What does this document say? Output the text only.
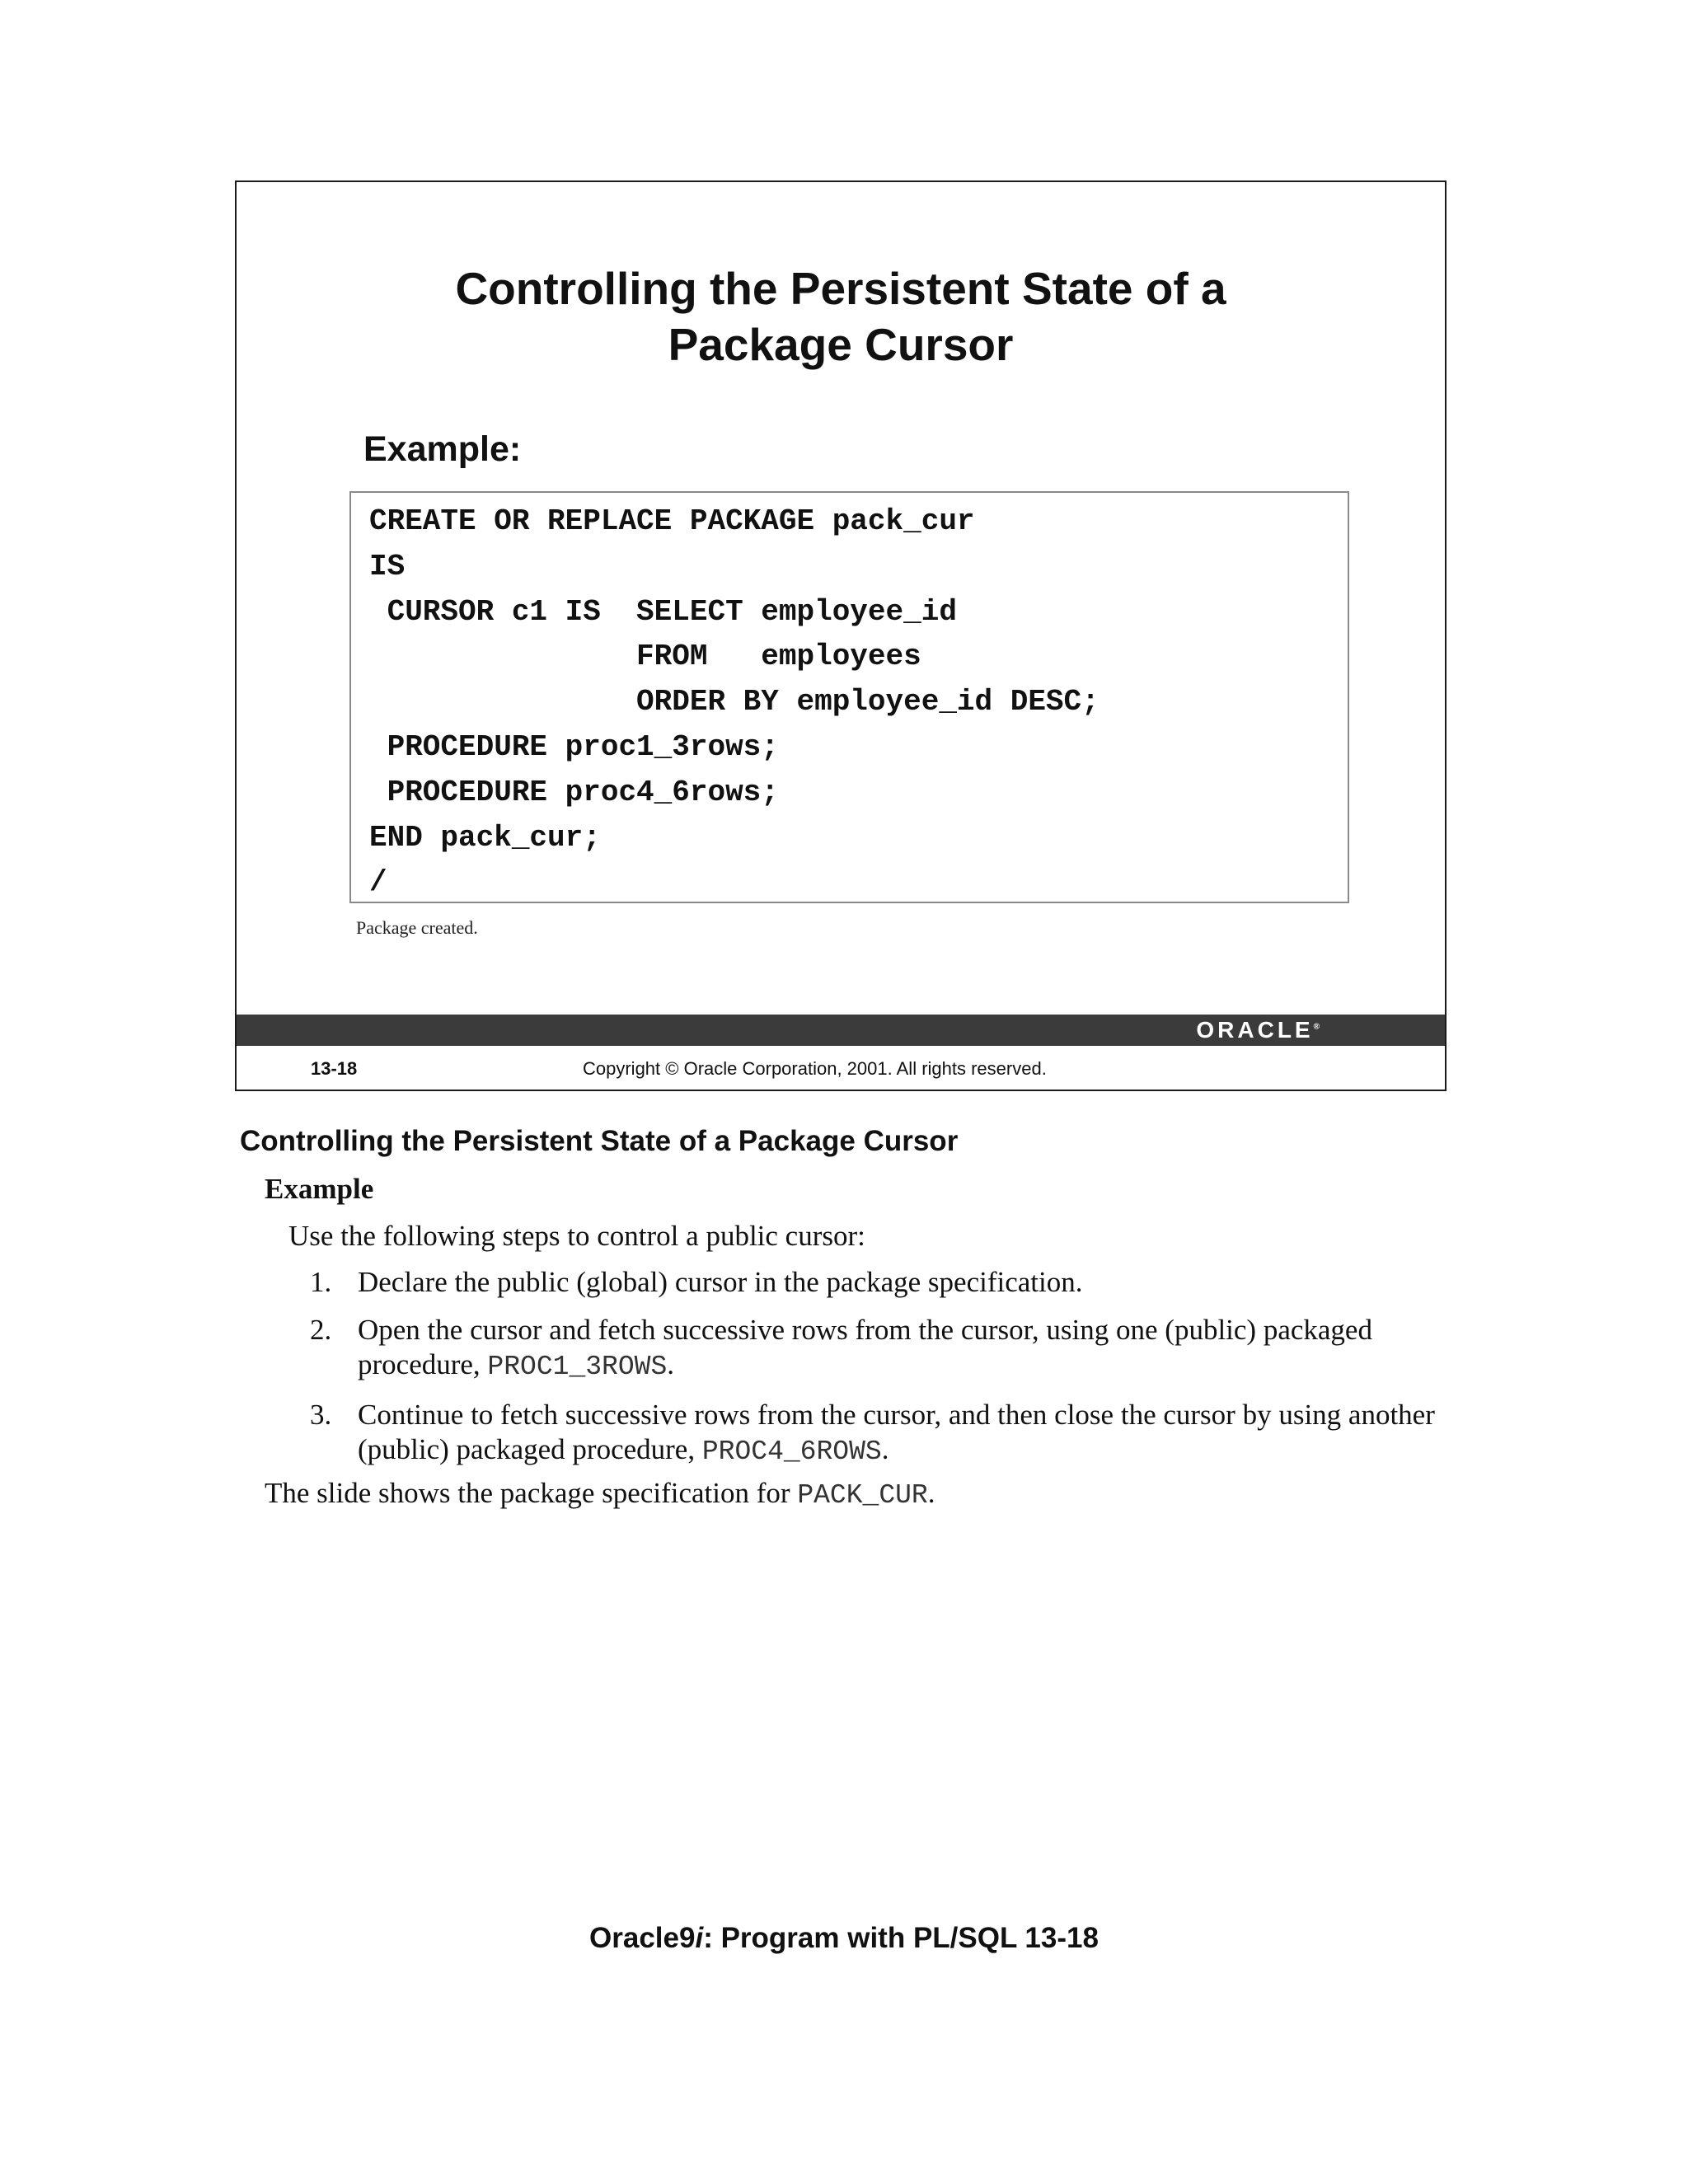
Controlling the Persistent State of a
Package Cursor
Example:
CREATE OR REPLACE PACKAGE pack_cur
IS
CURSOR c1 IS  SELECT employee_id
FROM   employees
ORDER BY employee_id DESC;
PROCEDURE proc1_3rows;
PROCEDURE proc4_6rows;
END pack_cur;
/
Package created.
ORACLE®
13-18	Copyright © Oracle Corporation, 2001. All rights reserved.
Controlling the Persistent State of a Package Cursor
Example
Use the following steps to control a public cursor:
1. Declare the public (global) cursor in the package specification.
2. Open the cursor and fetch successive rows from the cursor, using one (public) packaged procedure, PROC1_3ROWS.
3. Continue to fetch successive rows from the cursor, and then close the cursor by using another (public) packaged procedure, PROC4_6ROWS.
The slide shows the package specification for PACK_CUR.
Oracle9i: Program with PL/SQL 13-18
